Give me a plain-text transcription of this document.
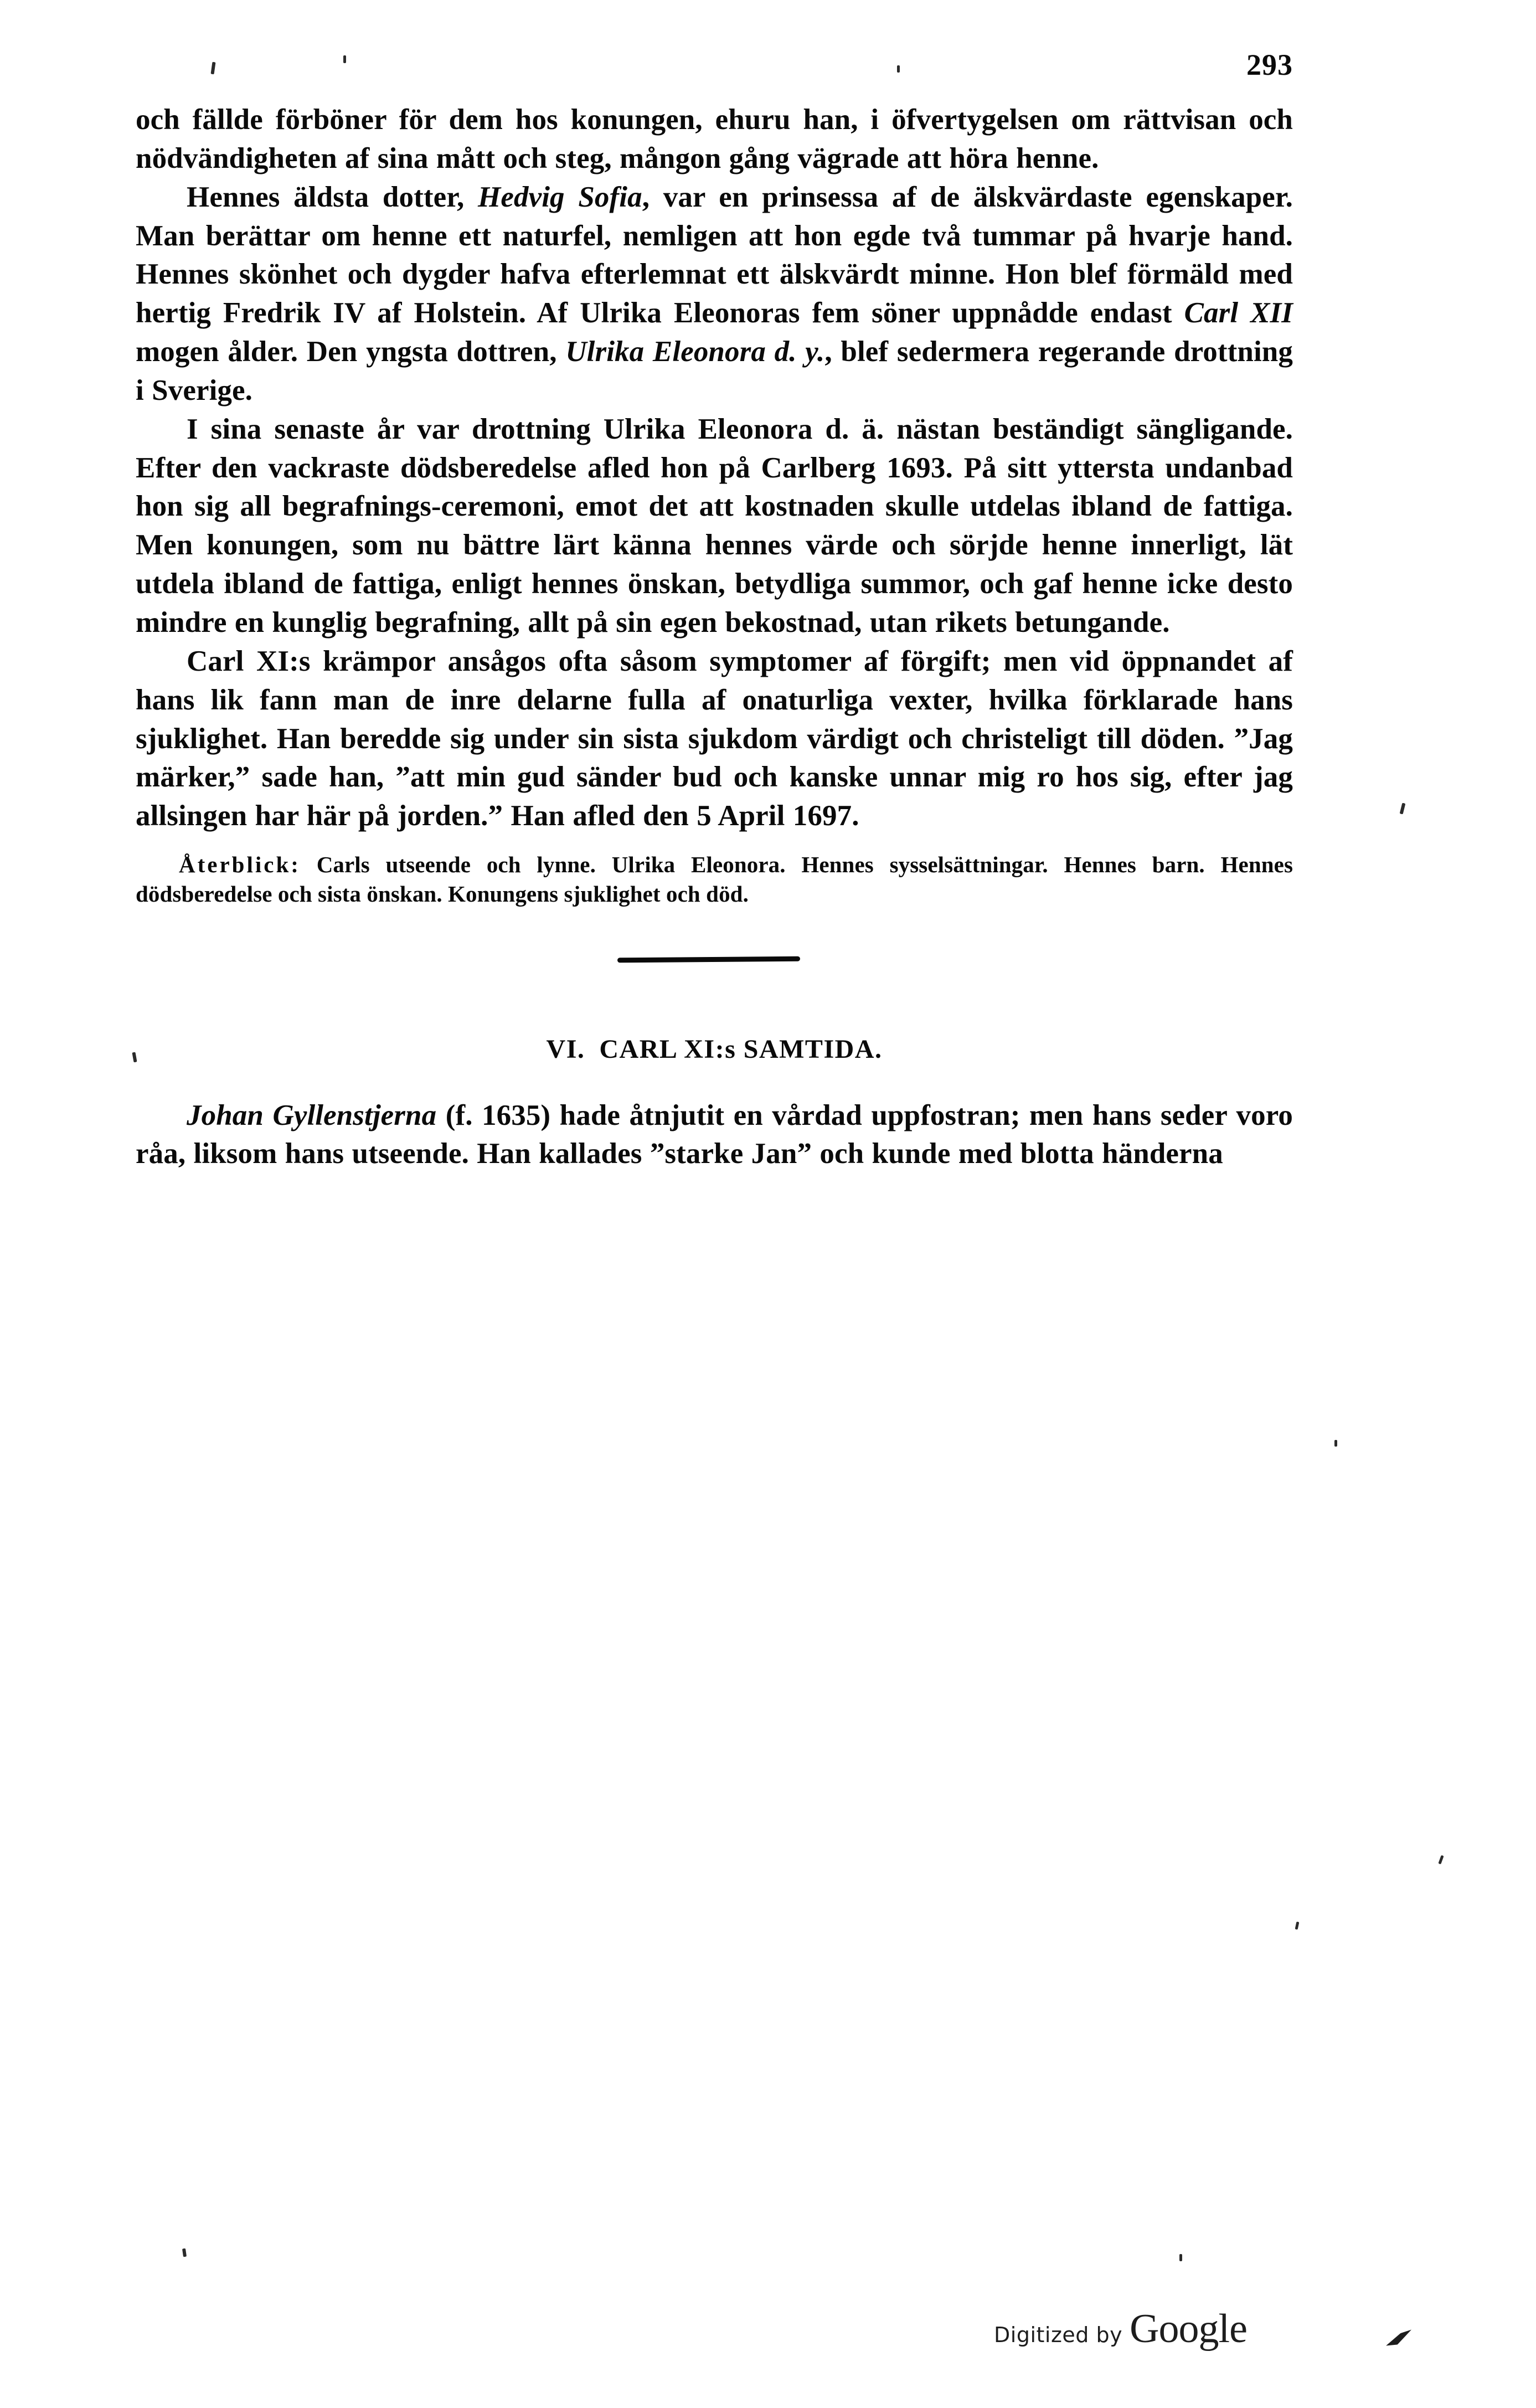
293

och fällde förböner för dem hos konungen, ehuru han, i öfvertygelsen om rättvisan och nödvändigheten af sina mått och steg, mångon gång vägrade att höra henne.

Hennes äldsta dotter, Hedvig Sofia, var en prinsessa af de älskvärdaste egenskaper. Man berättar om henne ett naturfel, nemligen att hon egde två tummar på hvarje hand. Hennes skönhet och dygder hafva efterlemnat ett älskvärdt minne. Hon blef förmäld med hertig Fredrik IV af Holstein. Af Ulrika Eleonoras fem söner uppnådde endast Carl XII mogen ålder. Den yngsta dottren, Ulrika Eleonora d. y., blef sedermera regerande drottning i Sverige.

I sina senaste år var drottning Ulrika Eleonora d. ä. nästan beständigt sängligande. Efter den vackraste dödsberedelse afled hon på Carlberg 1693. På sitt yttersta undanbad hon sig all begrafnings-ceremoni, emot det att kostnaden skulle utdelas ibland de fattiga. Men konungen, som nu bättre lärt känna hennes värde och sörjde henne innerligt, lät utdela ibland de fattiga, enligt hennes önskan, betydliga summor, och gaf henne icke desto mindre en kunglig begrafning, allt på sin egen bekostnad, utan rikets betungande.

Carl XI:s krämpor ansågos ofta såsom symptomer af förgift; men vid öppnandet af hans lik fann man de inre delarne fulla af onaturliga vexter, hvilka förklarade hans sjuklighet. Han beredde sig under sin sista sjukdom värdigt och christeligt till döden. ”Jag märker,” sade han, ”att min gud sänder bud och kanske unnar mig ro hos sig, efter jag allsingen har här på jorden.” Han afled den 5 April 1697.

Återblick: Carls utseende och lynne. Ulrika Eleonora. Hennes sysselsättningar. Hennes barn. Hennes dödsberedelse och sista önskan. Konungens sjuklighet och död.

VI. CARL XI:s SAMTIDA.

Johan Gyllenstjerna (f. 1635) hade åtnjutit en vårdad uppfostran; men hans seder voro råa, liksom hans utseende. Han kallades ”starke Jan” och kunde med blotta händerna

Digitized by Google
